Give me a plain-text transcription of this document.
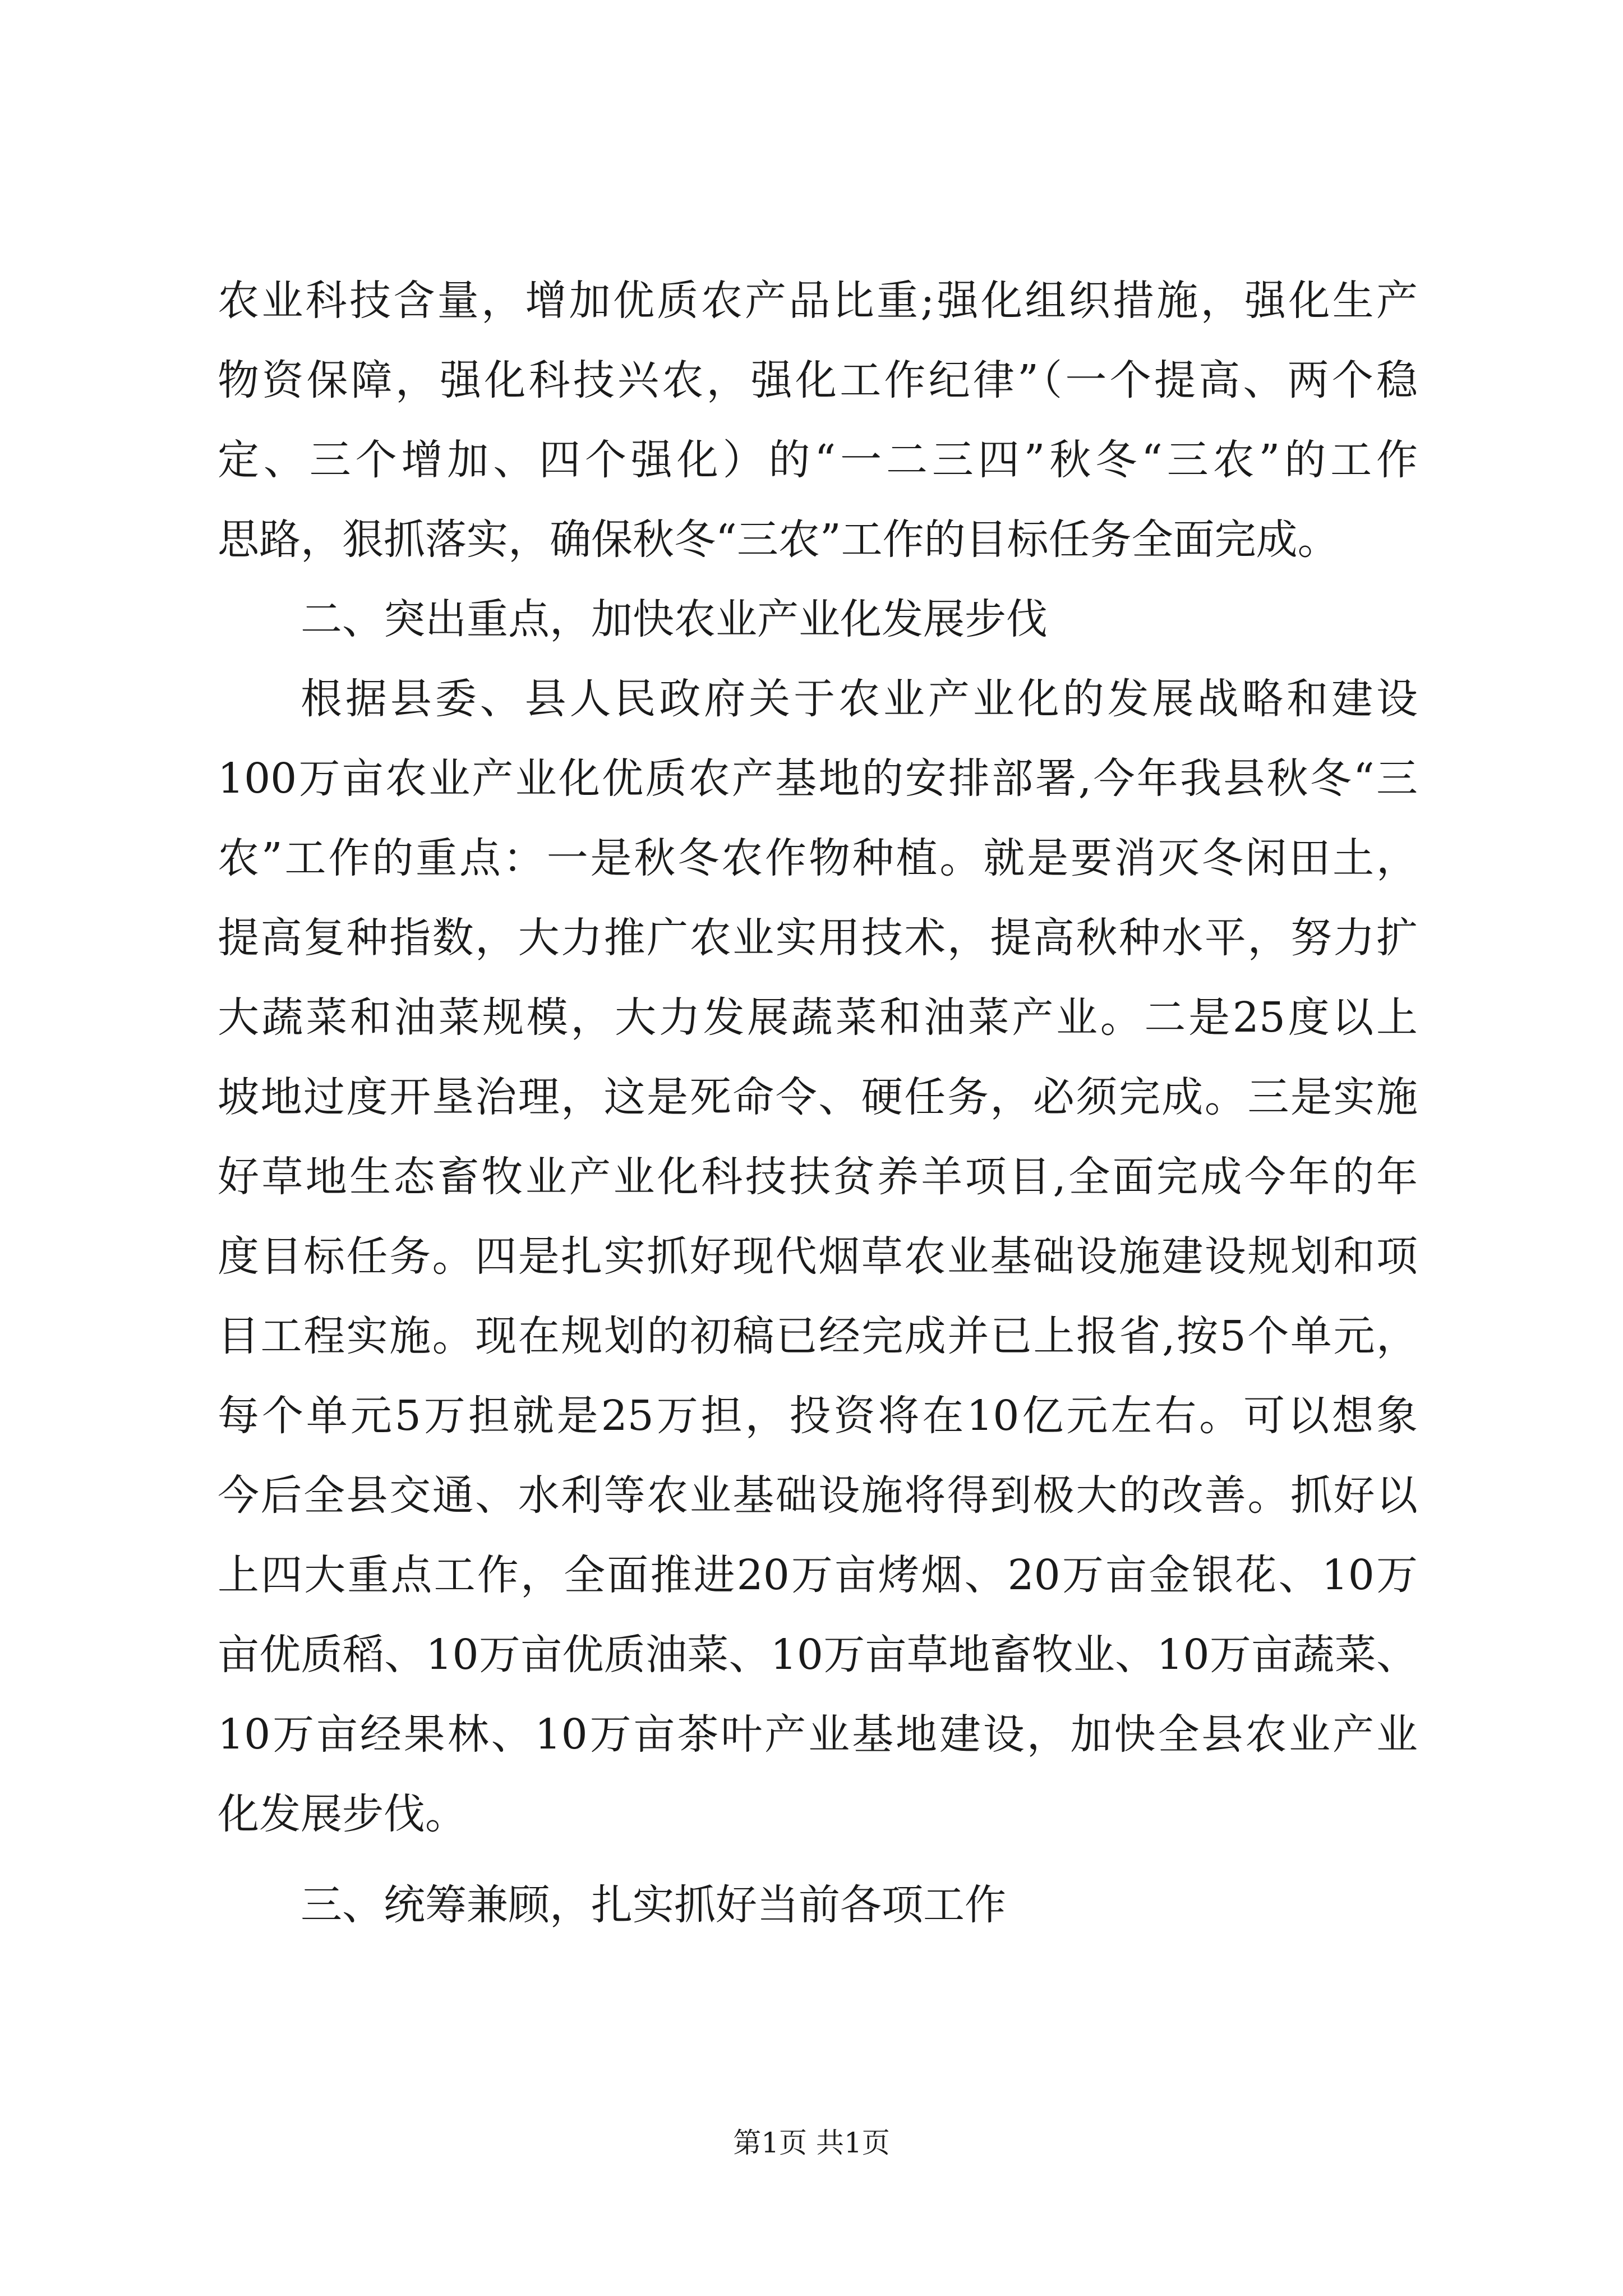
农业科技含量，增加优质农产品比重;强化组织措施，强化生产
物资保障，强化科技兴农，强化工作纪律”（一个提高、两个稳
定、三个增加、四个强化）的“一二三四”秋冬“三农”的工作
思路，狠抓落实，确保秋冬“三农”工作的目标任务全面完成。
二、突出重点，加快农业产业化发展步伐
根据县委、县人民政府关于农业产业化的发展战略和建设
100万亩农业产业化优质农产基地的安排部署,今年我县秋冬“三
农”工作的重点：一是秋冬农作物种植。就是要消灭冬闲田土，
提高复种指数，大力推广农业实用技术，提高秋种水平，努力扩
大蔬菜和油菜规模，大力发展蔬菜和油菜产业。二是25度以上
坡地过度开垦治理，这是死命令、硬任务，必须完成。三是实施
好草地生态畜牧业产业化科技扶贫养羊项目,全面完成今年的年
度目标任务。四是扎实抓好现代烟草农业基础设施建设规划和项
目工程实施。现在规划的初稿已经完成并已上报省,按5个单元，
每个单元5万担就是25万担，投资将在10亿元左右。可以想象
今后全县交通、水利等农业基础设施将得到极大的改善。抓好以
上四大重点工作，全面推进20万亩烤烟、20万亩金银花、10万
亩优质稻、10万亩优质油菜、10万亩草地畜牧业、10万亩蔬菜、
10万亩经果林、10万亩茶叶产业基地建设，加快全县农业产业
化发展步伐。
三、统筹兼顾，扎实抓好当前各项工作
第1页 共1页
